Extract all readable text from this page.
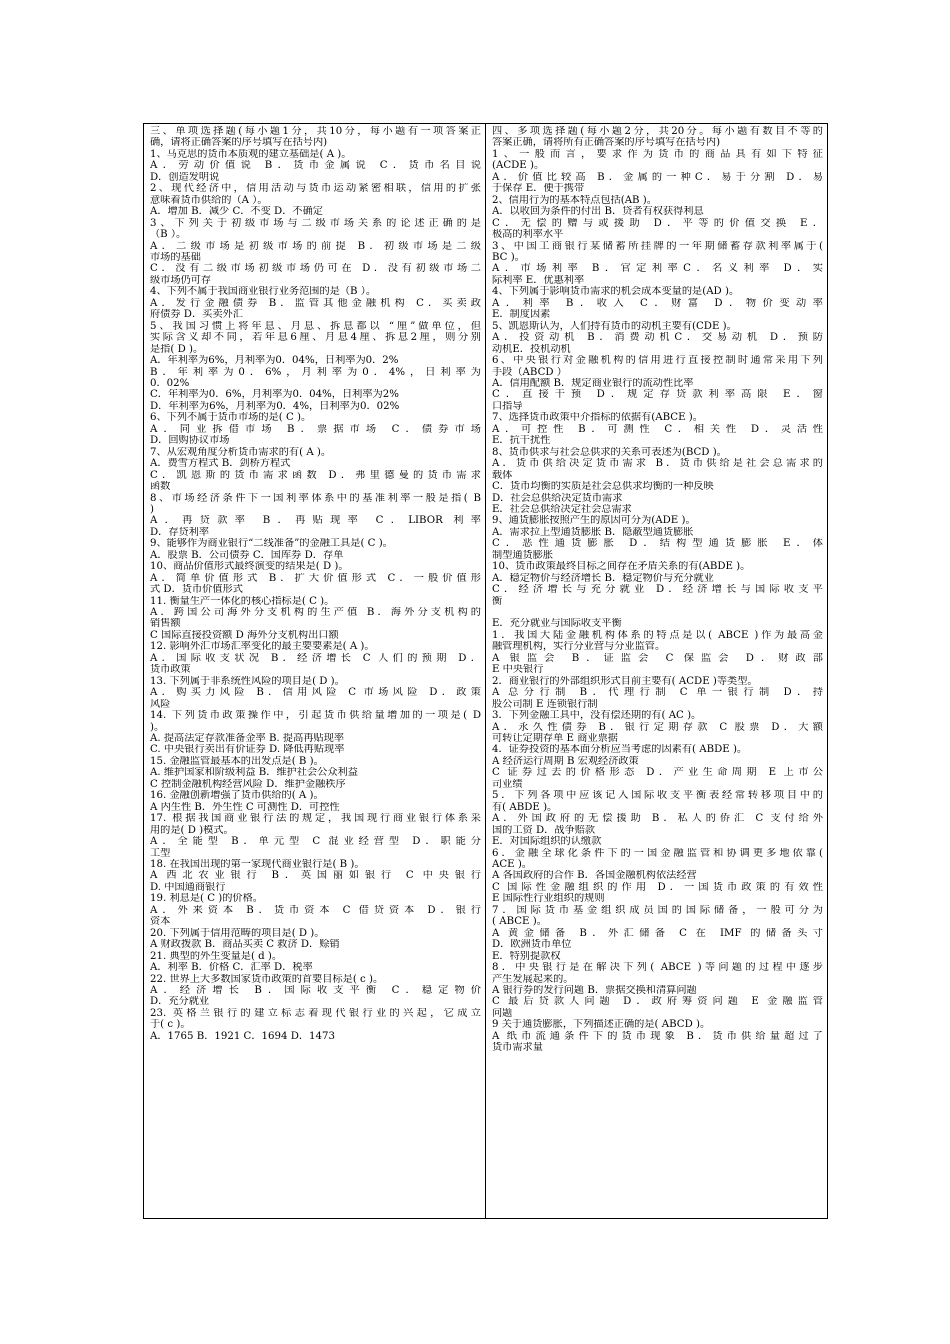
三、单项选择题(每小题1分，共10分，每小题有一项答案正
确，请将正确答案的序号填写在括号内)
1、马克思的货币本质观的建立基础是( A )。
A．劳动价值说 B．货币金属说 C．货币名目说
D．创造发明说
2、现代经济中，信用活动与货币运动紧密相联，信用的扩张
意味着货币供给的（A ）。
A．增加 B．减少 C．不变 D．不确定
3、下列关于初级市场与二级市场关系的论述正确的是
（B ）。
A．二级市场是初级市场的前提 B．初级市场是二级
市场的基础
C．没有二级市场初级市场仍可在 D．没有初级市场二
级市场仍可存
4、下列不属于我国商业银行业务范围的是（B ）。
A．发行金融债券 B．监管其他金融机构 C．买卖政
府债券 D．买卖外汇
5、我国习惯上将年息、月息、拆息都以 “厘”做单位，但
实际含义却不同，若年息6厘、月息4厘、拆息2厘，则分别
是指( D )。
A．年利率为6%，月利率为0．04%，日利率为0．2%
B．年利率为0．6%，月利率为0．4%，日利率为
0．02%
C．年利率为0．6%，月利率为0．04%，日利率为2%
D．年利率为6%，月利率为0．4%，日利率为0．02%
6、下列不属于货币市场的是( C )。
A．同业拆借市场 B．票据市场 C．债券市场
D．回购协议市场
7、从宏观角度分析货币需求的有( A )。
A．费雪方程式 B．剑桥方程式
C．凯恩斯的货币需求函数 D．弗里德曼的货币需求
函数
8、市场经济条件下一国利率体系中的基准利率一般是指( B
)
A．再贷款率 B．再贴现率 C．LIBOR 利率
D．存贷利率
9、能够作为商业银行“二线准备”的金融工具是( C )。
A．股票 B．公司债券 C．国库券 D．存单
10、商品价值形式最终演变的结果是( D )。
A．简单价值形式 B．扩大价值形式 C．一般价值形
式 D．货币价值形式
11. 衡量生产一体化的核心指标是( C )。
A．跨国公司海外分支机构的生产值 B．海外分支机构的
销售额
C 国际直接投资额 D 海外分支机构出口额
12. 影响外汇市场汇率变化的最主要要素是( A )。
A．国际收支状况 B．经济增长 C 人们的预期 D．
货币政策
13. 下列属于非系统性风险的项目是( D )。
A．购买力风险 B．信用风险 C 市场风险 D．政策
风险
14. 下列货币政策操作中，引起货币供给量增加的一项是( D
)。
A. 提高法定存款准备金率 B. 提高再贴现率
C. 中央银行卖出有价证券 D. 降低再贴现率
15. 金融监管最基本的出发点是( B )。
A. 维护国家和阶级利益 B．维护社会公众利益
C 控制金融机构经营风险 D．维护金融秩序
16. 金融创新增强了货币供给的( A )。
A 内生性 B．外生性 C 可测性 D．可控性
17. 根据我国商业银行法的规定，我国现行商业银行体系采
用的是( D )模式。
A．全能型 B．单元型 C 混业经营型 D．职能分
工型
18. 在我国出现的第一家现代商业银行是( B )。
A 西北农业银行 B．英国丽如银行 C 中央银行
D. 中国通商银行
19. 利息是( C )的价格。
A．外来资本 B．货币资本 C 借贷资本 D．银行
资本
20. 下列属于信用范畴的项目是( D )。
A 财政拨款 B．商品买卖 C 救济 D．赊销
21. 典型的外生变量是( d )。
A．利率 B．价格 C．汇率 D．税率
22. 世界上大多数国家货币政策的首要目标是( c )。
A．经济增长 B．国际收支平衡 C．稳定物价
D．充分就业
23. 英格兰银行的建立标志着现代银行业的兴起，它成立
于( c )。
A．1765 B．1921 C．1694 D．1473
四、多项选择题(每小题2分，共20分。每小题有数目不等的
答案正确，请将所有正确答案的序号填写在括号内)
1、一般而言，要求作为货币的商品具有如下特征
(ACDE )。
A．价值比较高 B．金属的一种C．易于分割 D．易
于保存 E．便于携带
2、信用行为的基本特点包括(AB )。
A．以收回为条件的付出 B．贷者有权获得利息
C．无偿的赠与或援助 D．平等的价值交换 E．
极高的利率水平
3、中国工商银行某储蓄所挂牌的一年期储蓄存款利率属于(
BC )。
A．市场利率 B．官定利率C．名义利率 D．实
际利率 E．优惠利率
4、下列属于影响货币需求的机会成本变量的是(AD )。
A．利率 B．收入 C．财富 D．物价变动率
E．制度因素
5、凯恩斯认为，人们持有货币的动机主要有(CDE )。
A．投资动机 B．消费动机C．交易动机 D．预防
动机E．投机动机
6、中央银行对金融机构的信用进行直接控制时通常采用下列
手段（ABCD ）
A．信用配额 B．规定商业银行的流动性比率
C．直接干预 D．规定存贷款利率高限 E．窗
口指导
7、选择货币政策中介指标的依据有(ABCE )。
A．可控性 B．可测性 C．相关性 D．灵活性
E．抗干扰性
8、货币供求与社会总供求的关系可表述为(BCD )。
A．货币供给决定货币需求 B．货币供给是社会总需求的
载体
C．货币均衡的实质是社会总供求均衡的一种反映
D．社会总供给决定货币需求
E．社会总供给决定社会总需求
9、通货膨胀按照产生的原因可分为(ADE )。
A．需求拉上型通货膨胀 B．隐蔽型通货膨胀
C．恶性通货膨胀 D．结构型通货膨胀 E．体
制型通货膨胀
10、货币政策最终目标之间存在矛盾关系的有(ABDE )。
A．稳定物价与经济增长 B．稳定物价与充分就业
C．经济增长与充分就业 D．经济增长与国际收支平
衡

E．充分就业与国际收支平衡
1．我国大陆金融机构体系的特点是以( ABCE )作为最高金
融管理机构，实行分业营与分业监管。
A 银监会 B．证监会 C 保监会 D．财政部
E 中央银行
2．商业银行的外部组织形式目前主要有( ACDE )等类型。
A 总分行制 B．代理行制 C 单一银行制 D．持
股公司制 E 连锁银行制
3．下列金融工具中，没有偿还期的有( AC )。
A．永久性债券 B．银行定期存款 C 股票 D．大额
可转让定期存单 E 商业票据
4．证券投资的基本面分析应当考虑的因素有( ABDE )。
A 经济运行周期 B 宏观经济政策
C 证券过去的价格形态 D．产业生命周期 E 上市公
司业绩
5．下列各项中应该记入国际收支平衡表经常转移项目中的
有( ABDE )。
A．外国政府的无偿援助 B．私人的侨汇 C 支付给外
国的工资 D．战争赔款
E．对国际组织的认缴款
6．金融全球化条件下的一国金融监管和协调更多地依靠(
ACE )。
A 各国政府的合作 B．各国金融机构依法经营
C 国际性金融组织的作用 D．一国货币政策的有效性
E 国际性行业组织的规则
7．国际货币基金组织成员国的国际储备，一般可分为
( ABCE )。
A 黄金储备 B．外汇储备 C 在 IMF 的储备头寸
D．欧洲货币单位
E．特别提款权
8．中央银行是在解决下列( ABCE )等问题的过程中逐步
产生发展起来的。
A 银行券的发行问题 B．票据交换和清算问题
C 最后贷款人问题 D．政府筹资问题 E 金融监管
问题
9 关于通货膨胀，下列描述正确的是( ABCD )。
A 纸币流通条件下的货币现象 B．货币供给量超过了
货币需求量
